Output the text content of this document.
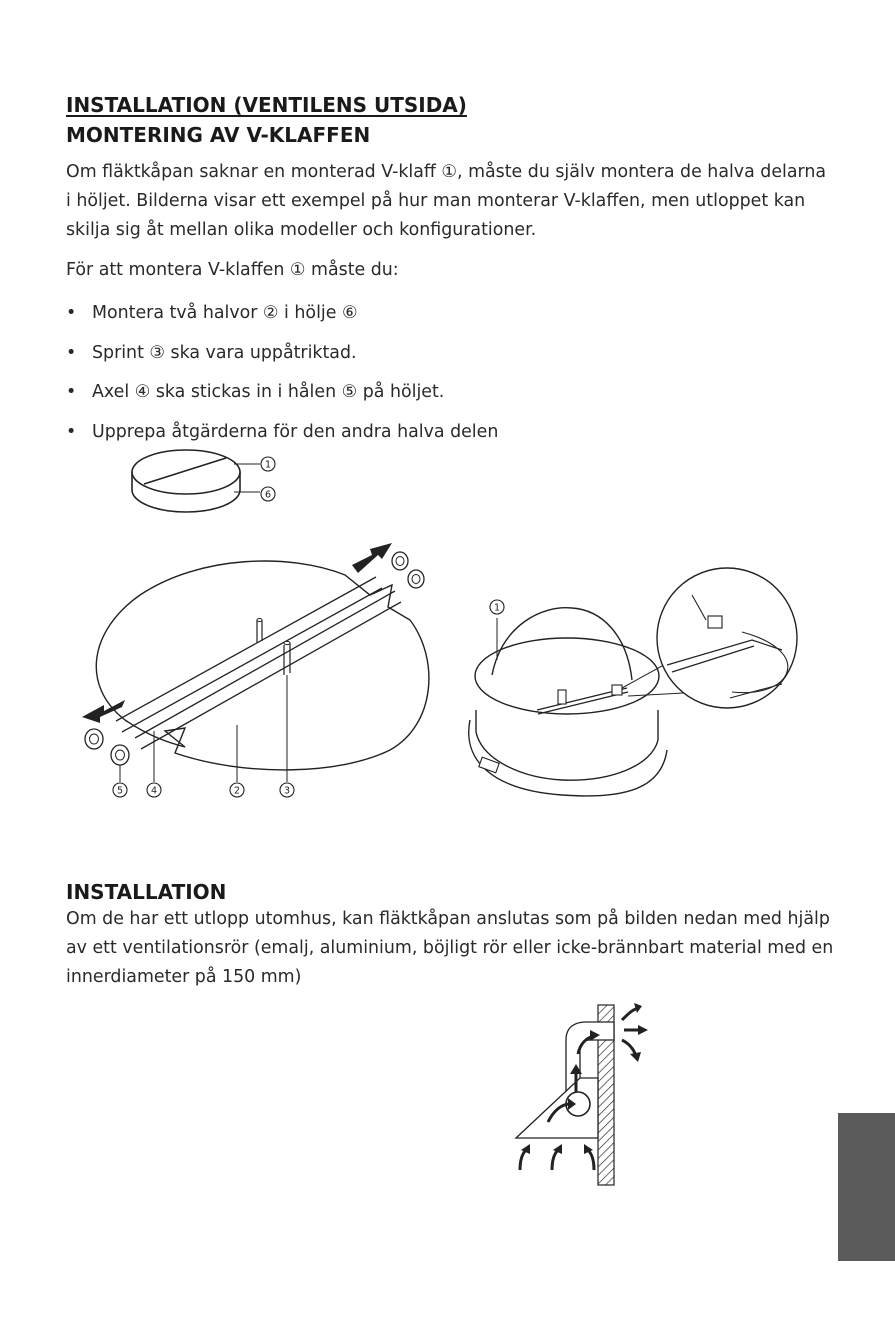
INSTALLATION (VENTILENS UTSIDA)
MONTERING AV V-KLAFFEN

Om fläktkåpan saknar en monterad V-klaff ①, måste du själv montera de halva delarna i höljet. Bilderna visar ett exempel på hur man monterar V-klaffen, men utloppet kan skilja sig åt mellan olika modeller och konfigurationer.

För att montera V-klaffen ① måste du:

• Montera två halvor ② i hölje ⑥
• Sprint ③ ska vara uppåtriktad.
• Axel ④ ska stickas in i hålen ⑤ på höljet.
• Upprepa åtgärderna för den andra halva delen
1
6
5	4	2	3
1
INSTALLATION

Om de har ett utlopp utomhus, kan fläktkåpan anslutas som på bilden nedan med hjälp av ett ventilationsrör (emalj, aluminium, böjligt rör eller icke-brännbart material med en innerdiameter på 150 mm)
